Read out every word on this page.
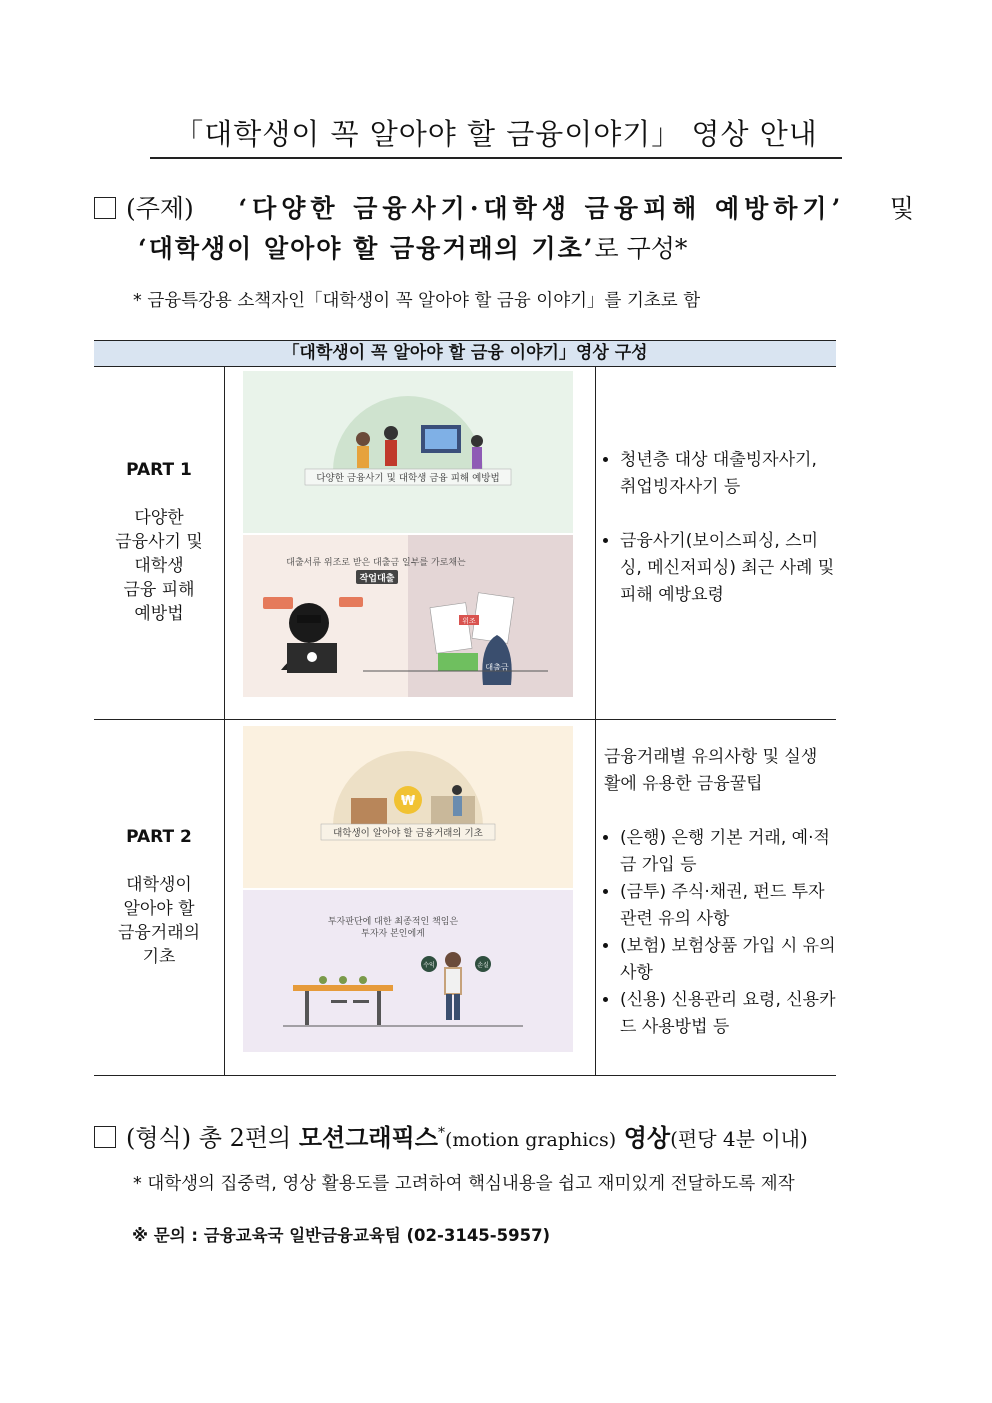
「대학생이 꼭 알아야 할 금융이야기」 영상 안내
(주제) ‘다양한 금융사기·대학생 금융피해 예방하기’ 및
‘대학생이 알아야 할 금융거래의 기초’로 구성*
* 금융특강용 소책자인「대학생이 꼭 알아야 할 금융 이야기」를 기초로 함
「대학생이 꼭 알아야 할 금융 이야기」영상 구성
PART 1
다양한
금융사기 및
대학생
금융 피해
예방법
다양한 금융사기 및 대학생 금융 피해 예방법
대출서류 위조로 받은 대출금 일부를 가로채는
작업대출
위조
대출금
• 청년층 대상 대출빙자사기, 취업빙자사기 등
• 금융사기(보이스피싱, 스미싱, 메신저피싱) 최근 사례 및 피해 예방요령
PART 2
대학생이
알아야 할
금융거래의
기초
₩
대학생이 알아야 할 금융거래의 기초
투자판단에 대한 최종적인 책임은
투자자 본인에게
수익	손실
금융거래별 유의사항 및 실생활에 유용한 금융꿀팁
• (은행) 은행 기본 거래, 예·적금 가입 등
• (금투) 주식·채권, 펀드 투자 관련 유의 사항
• (보험) 보험상품 가입 시 유의 사항
• (신용) 신용관리 요령, 신용카드 사용방법 등
(형식) 총 2편의 모션그래픽스*(motion graphics) 영상(편당 4분 이내)
* 대학생의 집중력, 영상 활용도를 고려하여 핵심내용을 쉽고 재미있게 전달하도록 제작
※ 문의 : 금융교육국 일반금융교육팀 (02-3145-5957)
